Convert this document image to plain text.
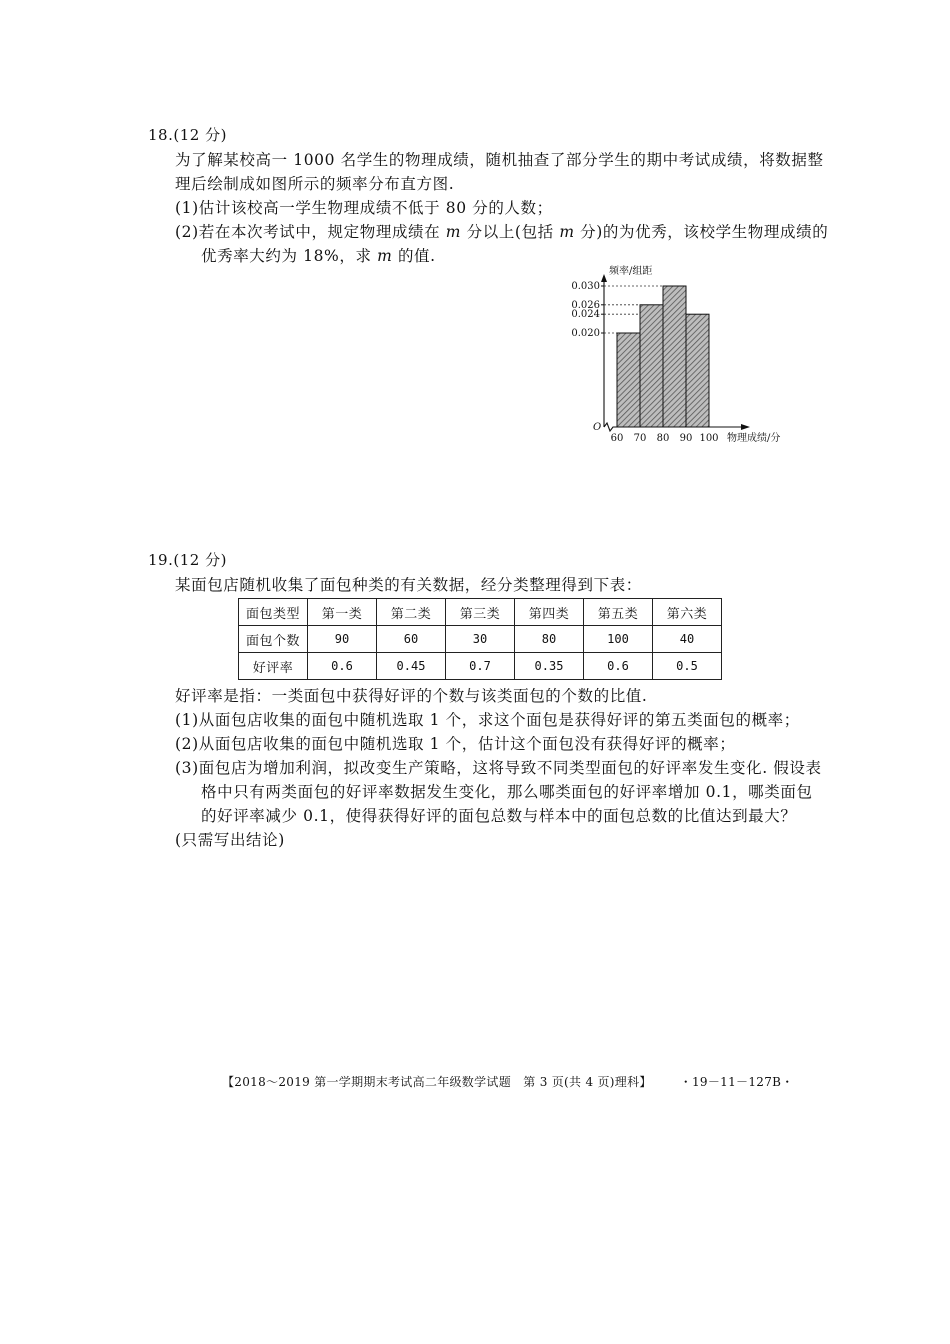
18.(12 分)
为了解某校高一 1000 名学生的物理成绩，随机抽查了部分学生的期中考试成绩，将数据整
理后绘制成如图所示的频率分布直方图.
(1)估计该校高一学生物理成绩不低于 80 分的人数；
(2)若在本次考试中，规定物理成绩在 m 分以上(包括 m 分)的为优秀，该校学生物理成绩的
优秀率大约为 18%，求 m 的值.
频率/组距
O
0.030
0.026
0.024
0.020
60 70 80 90 100 物理成绩/分
19.(12 分)
某面包店随机收集了面包种类的有关数据，经分类整理得到下表：
面包类型	第一类	第二类	第三类	第四类	第五类	第六类
面包个数	90	60	30	80	100	40
好评率	0.6	0.45	0.7	0.35	0.6	0.5
好评率是指：一类面包中获得好评的个数与该类面包的个数的比值.
(1)从面包店收集的面包中随机选取 1 个，求这个面包是获得好评的第五类面包的概率；
(2)从面包店收集的面包中随机选取 1 个，估计这个面包没有获得好评的概率；
(3)面包店为增加利润，拟改变生产策略，这将导致不同类型面包的好评率发生变化. 假设表
格中只有两类面包的好评率数据发生变化，那么哪类面包的好评率增加 0.1，哪类面包
的好评率减少 0.1，使得获得好评的面包总数与样本中的面包总数的比值达到最大？
(只需写出结论)
【2018～2019 第一学期期末考试高二年级数学试题　第 3 页(共 4 页)理科】	・19－11－127B・
